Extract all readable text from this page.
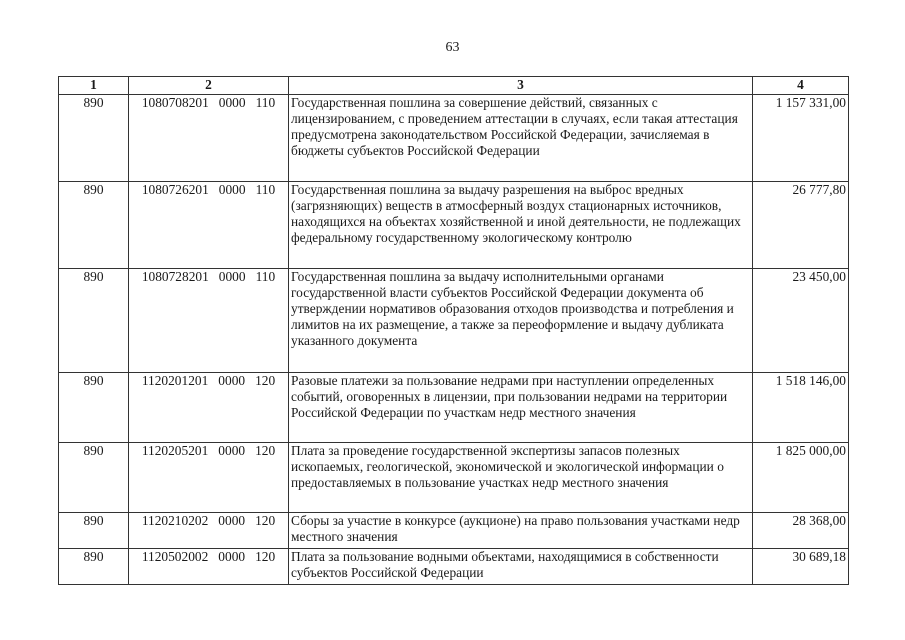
63
1	2	3	4
890	1080708201 0000 110	Государственная пошлина за совершение действий, связанных с лицензированием, с проведением аттестации в случаях, если такая аттестация предусмотрена законодательством Российской Федерации, зачисляемая в бюджеты субъектов Российской Федерации	1 157 331,00
890	1080726201 0000 110	Государственная пошлина за выдачу разрешения на выброс вредных (загрязняющих) веществ в атмосферный воздух стационарных источников, находящихся на объектах хозяйственной и иной деятельности, не подлежащих федеральному государственному экологическому контролю	26 777,80
890	1080728201 0000 110	Государственная пошлина за выдачу исполнительными органами государственной власти субъектов Российской Федерации документа об утверждении нормативов образования отходов производства и потребления и лимитов на их размещение, а также за переоформление и выдачу дубликата указанного документа	23 450,00
890	1120201201 0000 120	Разовые платежи за пользование недрами при наступлении определенных событий, оговоренных в лицензии, при пользовании недрами на территории Российской Федерации по участкам недр местного значения	1 518 146,00
890	1120205201 0000 120	Плата за проведение государственной экспертизы запасов полезных ископаемых, геологической, экономической и экологической информации о предоставляемых в пользование участках недр местного значения	1 825 000,00
890	1120210202 0000 120	Сборы за участие в конкурсе (аукционе) на право пользования участками недр местного значения	28 368,00
890	1120502002 0000 120	Плата за пользование водными объектами, находящимися в собственности субъектов Российской Федерации	30 689,18
